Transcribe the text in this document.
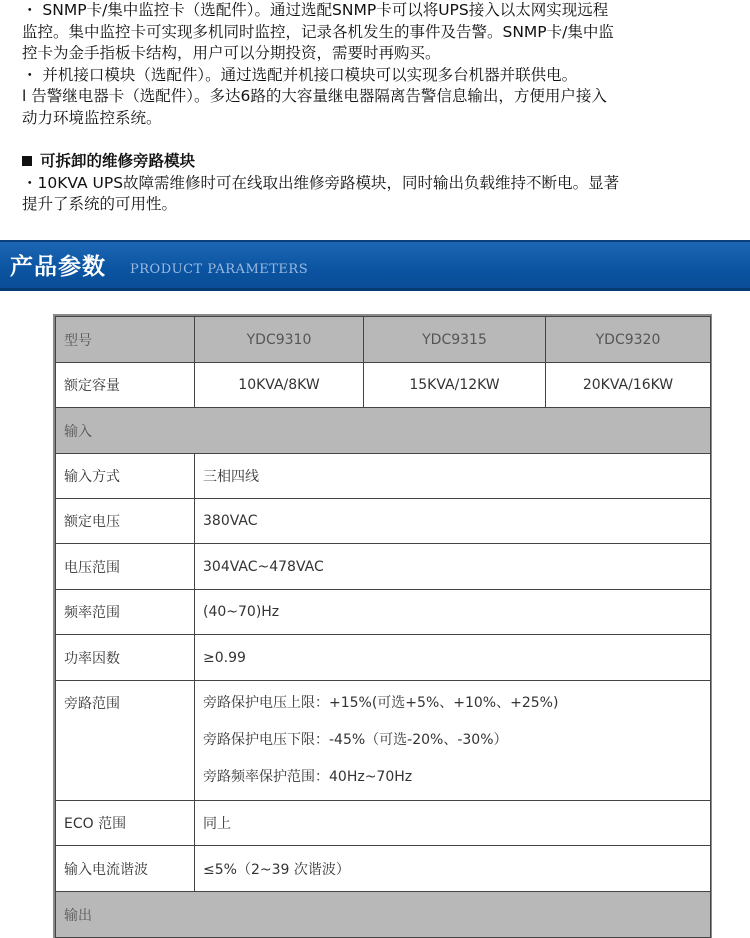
・ SNMP卡/集中监控卡（选配件）。通过选配SNMP卡可以将UPS接入以太网实现远程

监控。集中监控卡可实现多机同时监控，记录各机发生的事件及告警。SNMP卡/集中监

控卡为金手指板卡结构，用户可以分期投资，需要时再购买。

・ 并机接口模块（选配件）。通过选配并机接口模块可以实现多台机器并联供电。

l 告警继电器卡（选配件）。多达6路的大容量继电器隔离告警信息输出，方便用户接入

动力环境监控系统。

可拆卸的维修旁路模块

・10KVA UPS故障需维修时可在线取出维修旁路模块，同时输出负载维持不断电。显著

提升了系统的可用性。

产品参数 PRODUCT PARAMETERS
型号	YDC9310	YDC9315	YDC9320
额定容量	10KVA/8KW	15KVA/12KW	20KVA/16KW
输入			
输入方式	三相四线		
额定电压	380VAC		
电压范围	304VAC~478VAC		
频率范围	(40~70)Hz		
功率因数	≥0.99		
旁路范围	旁路保护电压上限：+15%(可选+5%、+10%、+25%)
旁路保护电压下限：-45%（可选-20%、-30%）
旁路频率保护范围：40Hz~70Hz		

ECO 范围	同上		
输入电流谐波	≤5%（2~39 次谐波）		
输出			
